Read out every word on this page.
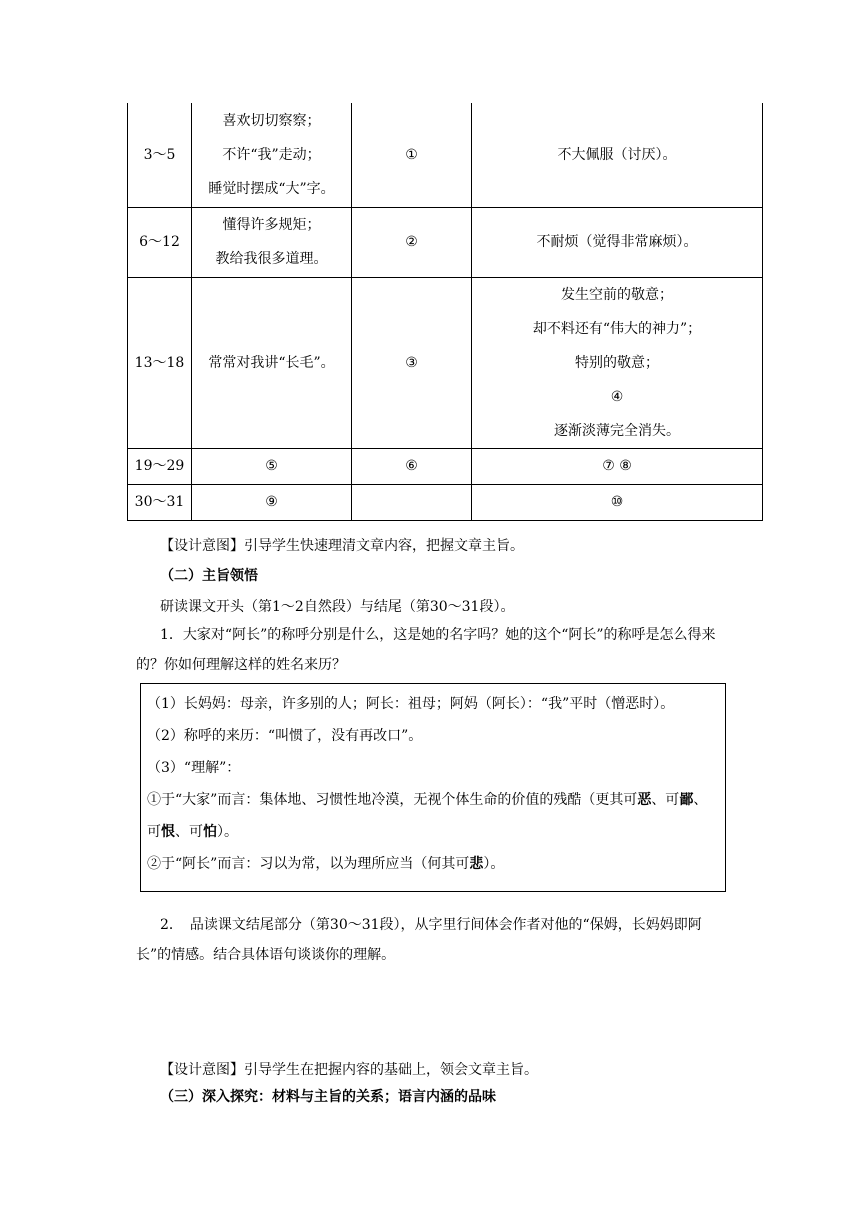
3～5	喜欢切切察察；
不许“我”走动；
睡觉时摆成“大”字。	①	不大佩服（讨厌）。

6～12	懂得许多规矩；
教给我很多道理。	②	不耐烦（觉得非常麻烦）。

13～18	常常对我讲“长毛”。	③	发生空前的敬意；
却不料还有“伟大的神力”；
特别的敬意；
④
逐渐淡薄完全消失。

19～29	⑤	⑥	⑦ ⑧

30～31	⑨		⑩

【设计意图】引导学生快速理清文章内容，把握文章主旨。

（二）主旨领悟

研读课文开头（第1～2自然段）与结尾（第30～31段）。

1．大家对“阿长”的称呼分别是什么，这是她的名字吗？她的这个“阿长”的称呼是怎么得来的？你如何理解这样的姓名来历？

（1）长妈妈：母亲，许多别的人；阿长：祖母；阿妈（阿长）：“我”平时（憎恶时）。

（2）称呼的来历：“叫惯了，没有再改口”。

（3）“理解”：

①于“大家”而言：集体地、习惯性地冷漠，无视个体生命的价值的残酷（更其可恶、可鄙、可恨、可怕）。

②于“阿长”而言：习以为常，以为理所应当（何其可悲）。

2．　品读课文结尾部分（第30～31段），从字里行间体会作者对他的“保姆，长妈妈即阿长”的情感。结合具体语句谈谈你的理解。

【设计意图】引导学生在把握内容的基础上，领会文章主旨。

（三）深入探究：材料与主旨的关系；语言内涵的品味
